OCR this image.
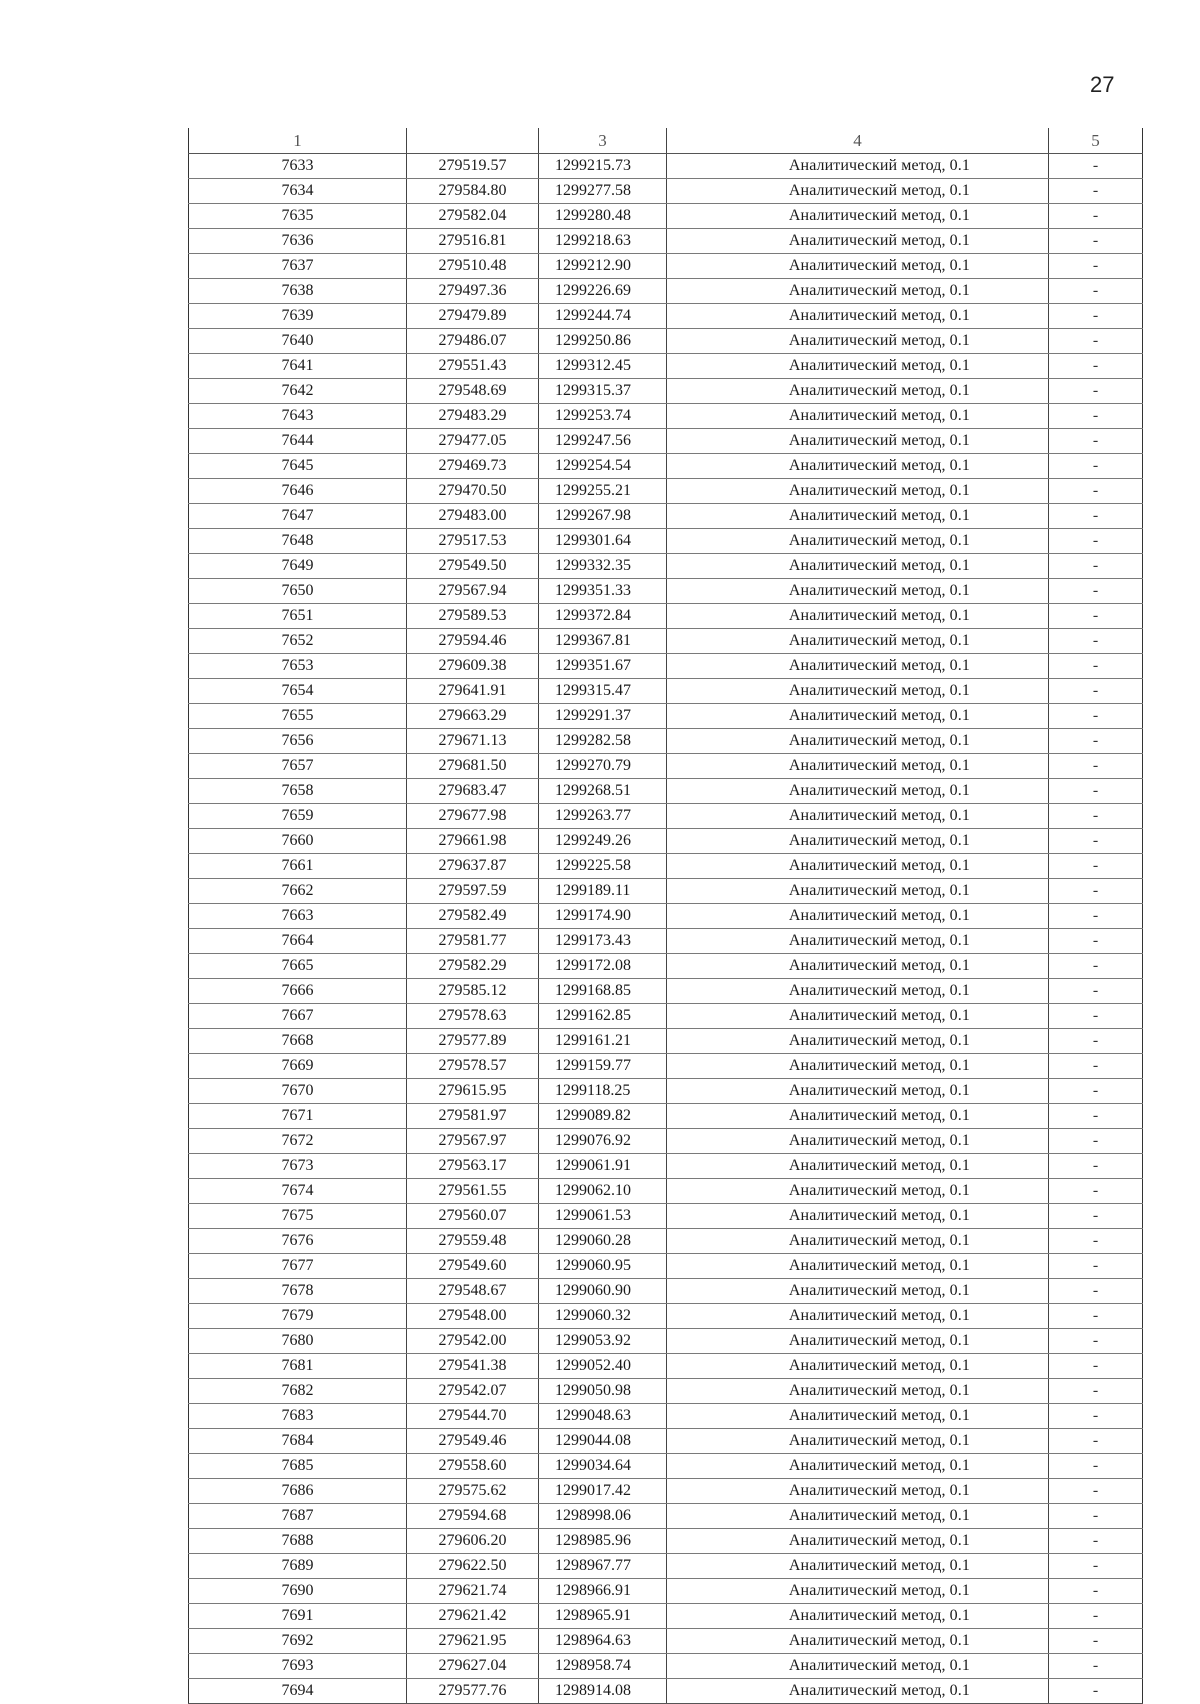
27
1		3	4	5
7633	279519.57	1299215.73	Аналитический метод, 0.1	-
7634	279584.80	1299277.58	Аналитический метод, 0.1	-
7635	279582.04	1299280.48	Аналитический метод, 0.1	-
7636	279516.81	1299218.63	Аналитический метод, 0.1	-
7637	279510.48	1299212.90	Аналитический метод, 0.1	-
7638	279497.36	1299226.69	Аналитический метод, 0.1	-
7639	279479.89	1299244.74	Аналитический метод, 0.1	-
7640	279486.07	1299250.86	Аналитический метод, 0.1	-
7641	279551.43	1299312.45	Аналитический метод, 0.1	-
7642	279548.69	1299315.37	Аналитический метод, 0.1	-
7643	279483.29	1299253.74	Аналитический метод, 0.1	-
7644	279477.05	1299247.56	Аналитический метод, 0.1	-
7645	279469.73	1299254.54	Аналитический метод, 0.1	-
7646	279470.50	1299255.21	Аналитический метод, 0.1	-
7647	279483.00	1299267.98	Аналитический метод, 0.1	-
7648	279517.53	1299301.64	Аналитический метод, 0.1	-
7649	279549.50	1299332.35	Аналитический метод, 0.1	-
7650	279567.94	1299351.33	Аналитический метод, 0.1	-
7651	279589.53	1299372.84	Аналитический метод, 0.1	-
7652	279594.46	1299367.81	Аналитический метод, 0.1	-
7653	279609.38	1299351.67	Аналитический метод, 0.1	-
7654	279641.91	1299315.47	Аналитический метод, 0.1	-
7655	279663.29	1299291.37	Аналитический метод, 0.1	-
7656	279671.13	1299282.58	Аналитический метод, 0.1	-
7657	279681.50	1299270.79	Аналитический метод, 0.1	-
7658	279683.47	1299268.51	Аналитический метод, 0.1	-
7659	279677.98	1299263.77	Аналитический метод, 0.1	-
7660	279661.98	1299249.26	Аналитический метод, 0.1	-
7661	279637.87	1299225.58	Аналитический метод, 0.1	-
7662	279597.59	1299189.11	Аналитический метод, 0.1	-
7663	279582.49	1299174.90	Аналитический метод, 0.1	-
7664	279581.77	1299173.43	Аналитический метод, 0.1	-
7665	279582.29	1299172.08	Аналитический метод, 0.1	-
7666	279585.12	1299168.85	Аналитический метод, 0.1	-
7667	279578.63	1299162.85	Аналитический метод, 0.1	-
7668	279577.89	1299161.21	Аналитический метод, 0.1	-
7669	279578.57	1299159.77	Аналитический метод, 0.1	-
7670	279615.95	1299118.25	Аналитический метод, 0.1	-
7671	279581.97	1299089.82	Аналитический метод, 0.1	-
7672	279567.97	1299076.92	Аналитический метод, 0.1	-
7673	279563.17	1299061.91	Аналитический метод, 0.1	-
7674	279561.55	1299062.10	Аналитический метод, 0.1	-
7675	279560.07	1299061.53	Аналитический метод, 0.1	-
7676	279559.48	1299060.28	Аналитический метод, 0.1	-
7677	279549.60	1299060.95	Аналитический метод, 0.1	-
7678	279548.67	1299060.90	Аналитический метод, 0.1	-
7679	279548.00	1299060.32	Аналитический метод, 0.1	-
7680	279542.00	1299053.92	Аналитический метод, 0.1	-
7681	279541.38	1299052.40	Аналитический метод, 0.1	-
7682	279542.07	1299050.98	Аналитический метод, 0.1	-
7683	279544.70	1299048.63	Аналитический метод, 0.1	-
7684	279549.46	1299044.08	Аналитический метод, 0.1	-
7685	279558.60	1299034.64	Аналитический метод, 0.1	-
7686	279575.62	1299017.42	Аналитический метод, 0.1	-
7687	279594.68	1298998.06	Аналитический метод, 0.1	-
7688	279606.20	1298985.96	Аналитический метод, 0.1	-
7689	279622.50	1298967.77	Аналитический метод, 0.1	-
7690	279621.74	1298966.91	Аналитический метод, 0.1	-
7691	279621.42	1298965.91	Аналитический метод, 0.1	-
7692	279621.95	1298964.63	Аналитический метод, 0.1	-
7693	279627.04	1298958.74	Аналитический метод, 0.1	-
7694	279577.76	1298914.08	Аналитический метод, 0.1	-
